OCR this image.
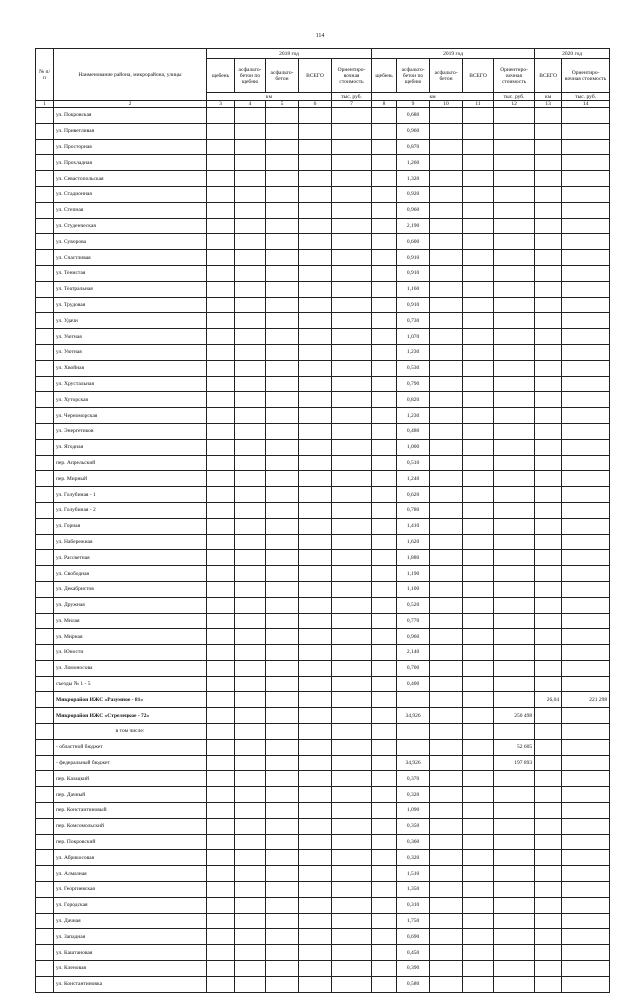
114
№ п/п	Наименование района, микрорайона, улицы	2018 год					2019 год					2020 год	
		щебень	асфальто-бетон по щебню	асфальто-бетон	ВСЕГО	Ориентиро-вочная стоимость	щебень	асфальто-бетон по щебню	асфальто-бетон	ВСЕГО	Ориентиро-вочная стоимость	ВСЕГО	Ориентиро-вочная стоимость
		км				тыс. руб.	км				тыс. руб.	км	тыс. руб.
1	2	3	4	5	6	7	8	9	10	11	12	13	14
	ул. Покровская							0,680					
	ул. Приветливая							0,960					
	ул. Просторная							0,870					
	ул. Прохладная							1,260					
	ул. Севастопольская							1,320					
	ул. Стадионная							0,920					
	ул. Степная							0,960					
	ул. Студенческая							2,190					
	ул. Суворова							0,600					
	ул. Счастливая							0,910					
	ул. Тенистая							0,910					
	ул. Театральная							1,160					
	ул. Трудовая							0,910					
	ул. Удачи							0,730					
	ул. Уютная							1,070					
	ул. Уютная							1,230					
	ул. Хвойная							0,530					
	ул. Хрустальная							0,790					
	ул. Хуторская							0,820					
	ул. Черноморская							1,230					
	ул. Энергетиков							0,480					
	ул. Ягодная							1,000					
	пер. Апрельский							0,510					
	пер. Мирный							1,240					
	ул. Голубиная - 1							0,620					
	ул. Голубиная - 2							0,780					
	ул. Горная							1,410					
	ул. Набережная							1,620					
	ул. Рассветная							1,880					
	ул. Свободная							1,190					
	ул. Декабристов							1,100					
	ул. Дружная							0,520					
	ул. Милая							0,770					
	ул. Мирная							0,960					
	ул. Юности							2,140					
	ул. Ломоносова							0,700					
	съезды № 1 - 5							0,400					
	Микрорайон ИЖС «Разумное - 81»											26,04	221 298
	Микрорайон ИЖС «Стрелецкое - 72»							34,926			250 498		
	в том числе:												
	- областной бюджет										52 605		
	- федеральный бюджет							34,926			197 893		
	пер. Казацкий							0,370					
	пер. Дачный							0,320					
	пер. Константиновый							1,090					
	пер. Комсомольский							0,350					
	пер. Покровский							0,360					
	ул. Абрикосовая							0,320					
	ул. Алмазная							1,510					
	ул. Георгиевская							1,350					
	ул. Городская							0,310					
	ул. Дачная							1,750					
	ул. Западная							0,690					
	ул. Каштановая							0,450					
	ул. Кленовая							0,390					
	ул. Константиновка							0,580					
